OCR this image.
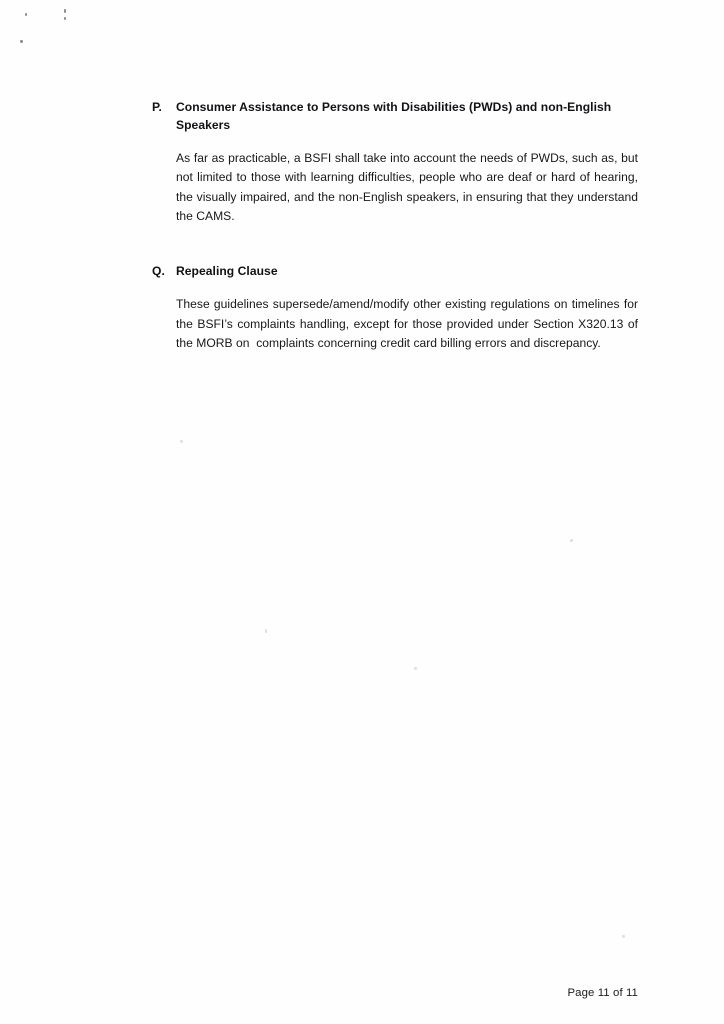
P.	Consumer Assistance to Persons with Disabilities (PWDs) and non-English Speakers
As far as practicable, a BSFI shall take into account the needs of PWDs, such as, but not limited to those with learning difficulties, people who are deaf or hard of hearing, the visually impaired, and the non-English speakers, in ensuring that they understand the CAMS.
Q. Repealing Clause
These guidelines supersede/amend/modify other existing regulations on timelines for the BSFI’s complaints handling, except for those provided under Section X320.13 of the MORB on  complaints concerning credit card billing errors and discrepancy.
Page 11 of 11
